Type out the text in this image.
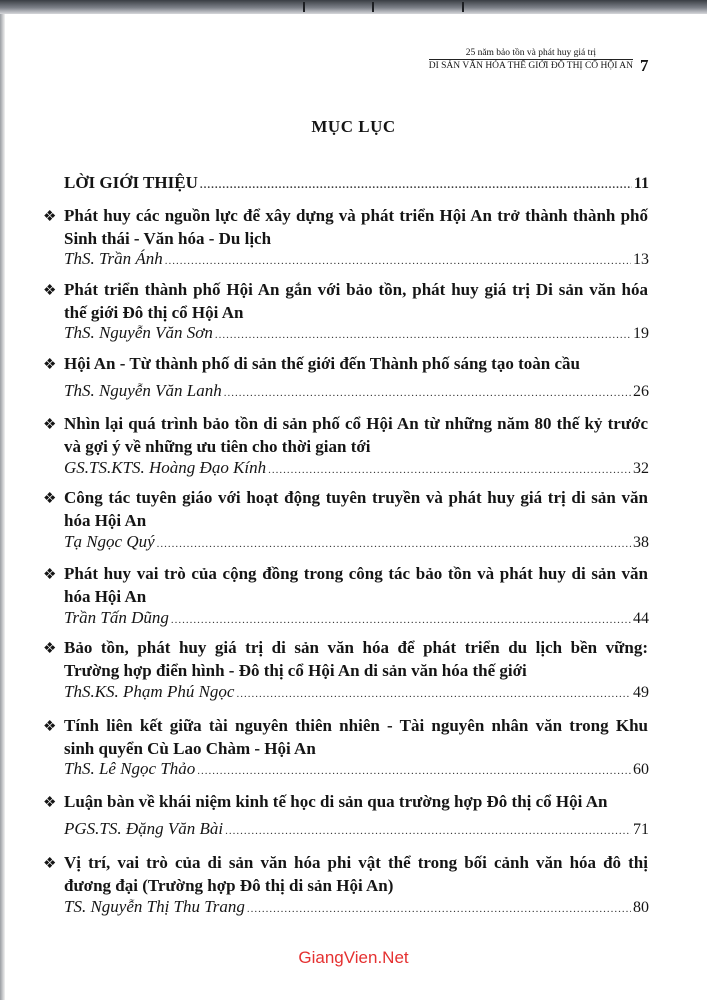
25 năm bảo tồn và phát huy giá trị
DI SẢN VĂN HÓA THẾ GIỚI ĐÔ THỊ CỔ HỘI AN 7
MỤC LỤC
LỜI GIỚI THIỆU .....	11
❖ Phát huy các nguồn lực để xây dựng và phát triển Hội An trở thành thành phố
Sinh thái - Văn hóa - Du lịch
ThS. Trần Ánh .....	13
❖ Phát triển thành phố Hội An gắn với bảo tồn, phát huy giá trị Di sản văn hóa
thế giới Đô thị cổ Hội An
ThS. Nguyễn Văn Sơn .....	19
❖ Hội An - Từ thành phố di sản thế giới đến Thành phố sáng tạo toàn cầu
ThS. Nguyễn Văn Lanh .....	26
❖ Nhìn lại quá trình bảo tồn di sản phố cổ Hội An từ những năm 80 thế kỷ trước
và gợi ý về những ưu tiên cho thời gian tới
GS.TS.KTS. Hoàng Đạo Kính .....	32
❖ Công tác tuyên giáo với hoạt động tuyên truyền và phát huy giá trị di sản văn
hóa Hội An
Tạ Ngọc Quý .....	38
❖ Phát huy vai trò của cộng đồng trong công tác bảo tồn và phát huy di sản văn
hóa Hội An
Trần Tấn Dũng .....	44
❖ Bảo tồn, phát huy giá trị di sản văn hóa để phát triển du lịch bền vững:
Trường hợp điển hình - Đô thị cổ Hội An di sản văn hóa thế giới
ThS.KS. Phạm Phú Ngọc .....	49
❖ Tính liên kết giữa tài nguyên thiên nhiên - Tài nguyên nhân văn trong Khu
sinh quyển Cù Lao Chàm - Hội An
ThS. Lê Ngọc Thảo .....	60
❖ Luận bàn về khái niệm kinh tế học di sản qua trường hợp Đô thị cổ Hội An
PGS.TS. Đặng Văn Bài .....	71
❖ Vị trí, vai trò của di sản văn hóa phi vật thể trong bối cảnh văn hóa đô thị
đương đại (Trường hợp Đô thị di sản Hội An)
TS. Nguyễn Thị Thu Trang .....	80
GiangVien.Net
